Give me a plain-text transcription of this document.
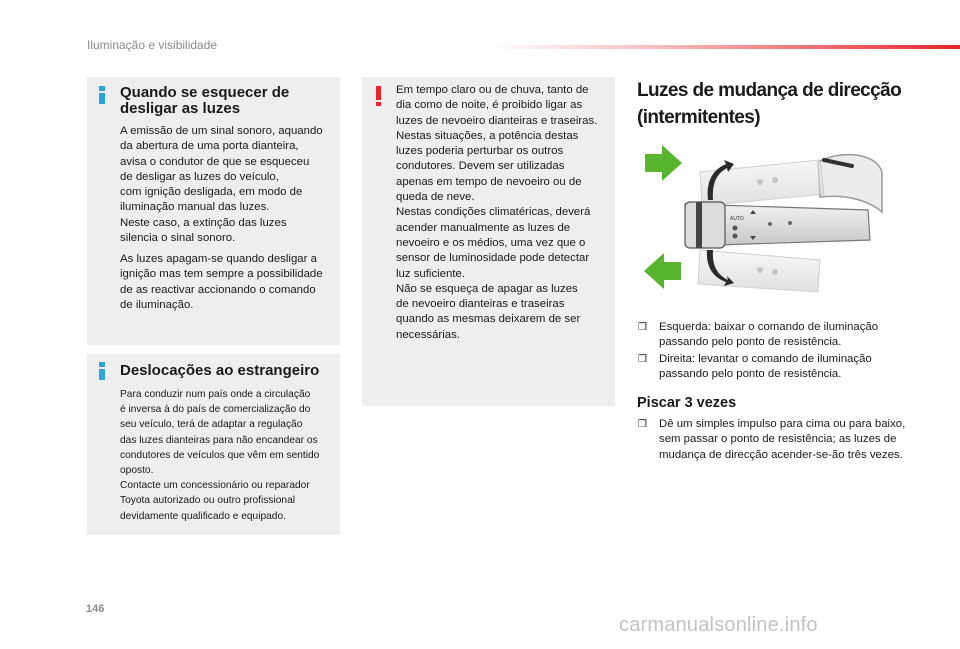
Iluminação e visibilidade
Quando se esquecer de desligar as luzes

A emissão de um sinal sonoro, aquando
da abertura de uma porta dianteira,
avisa o condutor de que se esqueceu
de desligar as luzes do veículo,
com ignição desligada, em modo de
iluminação manual das luzes.
Neste caso, a extinção das luzes
silencia o sinal sonoro.

As luzes apagam-se quando desligar a
ignição mas tem sempre a possibilidade
de as reactivar accionando o comando
de iluminação.

Deslocações ao estrangeiro

Para conduzir num país onde a circulação
é inversa à do país de comercialização do
seu veículo, terá de adaptar a regulação
das luzes dianteiras para não encandear os
condutores de veículos que vêm em sentido
oposto.
Contacte um concessionário ou reparador
Toyota autorizado ou outro profissional
devidamente qualificado e equipado.

Em tempo claro ou de chuva, tanto de
dia como de noite, é proibido ligar as
luzes de nevoeiro dianteiras e traseiras.
Nestas situações, a potência destas
luzes poderia perturbar os outros
condutores. Devem ser utilizadas
apenas em tempo de nevoeiro ou de
queda de neve.
Nestas condições climatéricas, deverá
acender manualmente as luzes de
nevoeiro e os médios, uma vez que o
sensor de luminosidade pode detectar
luz suficiente.
Não se esqueça de apagar as luzes
de nevoeiro dianteiras e traseiras
quando as mesmas deixarem de ser
necessárias.

Luzes de mudança de direcção (intermitentes)
AUTO
❒ Esquerda: baixar o comando de iluminação passando pelo ponto de resistência.
❒ Direita: levantar o comando de iluminação passando pelo ponto de resistência.
Piscar 3 vezes
❒ Dê um simples impulso para cima ou para baixo, sem passar o ponto de resistência; as luzes de mudança de direcção acender-se-ão três vezes.
146
carmanualsonline.info
